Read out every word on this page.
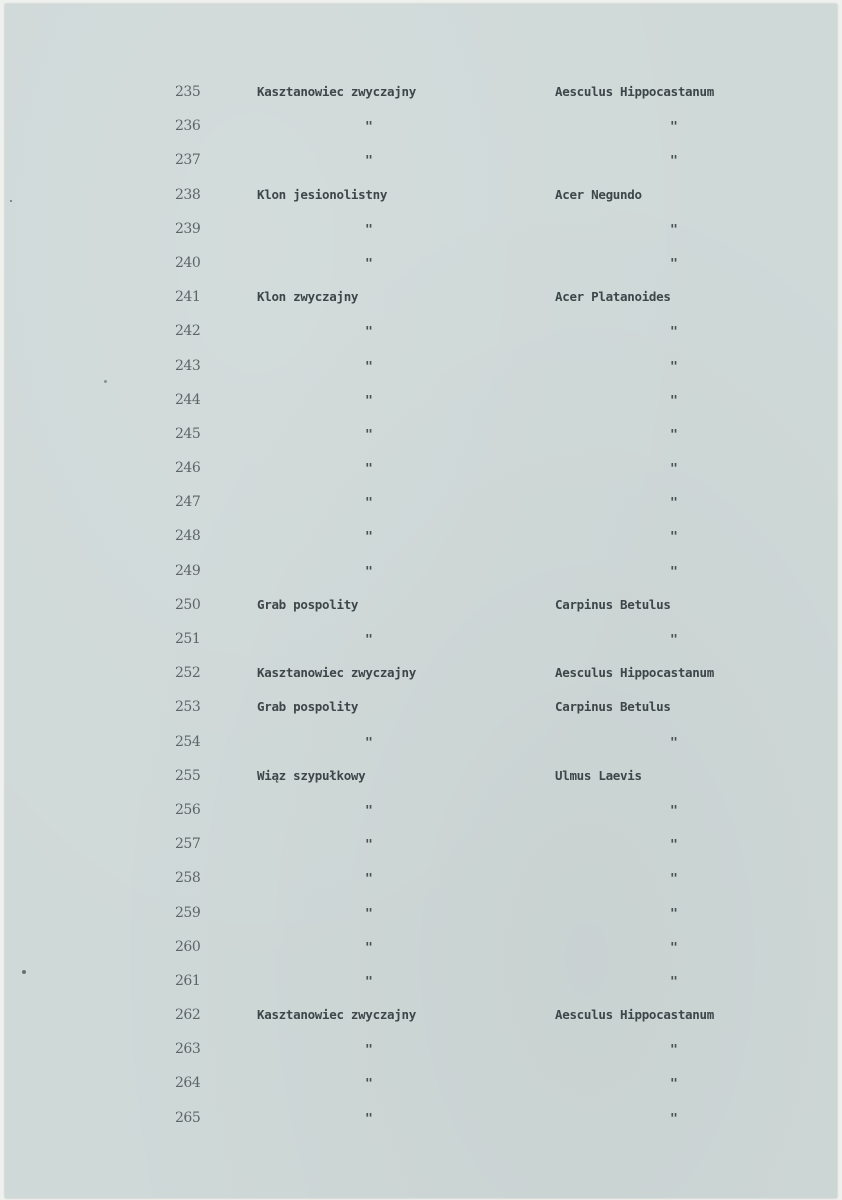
235	Kasztanowiec zwyczajny	Aesculus Hippocastanum
236	"	"
237	"	"
238	Klon jesionolistny	Acer Negundo
239	"	"
240	"	"
241	Klon zwyczajny	Acer Platanoides
242	"	"
243	"	"
244	"	"
245	"	"
246	"	"
247	"	"
248	"	"
249	"	"
250	Grab pospolity	Carpinus Betulus
251	"	"
252	Kasztanowiec zwyczajny	Aesculus Hippocastanum
253	Grab pospolity	Carpinus Betulus
254	"	"
255	Wiąz szypułkowy	Ulmus Laevis
256	"	"
257	"	"
258	"	"
259	"	"
260	"	"
261	"	"
262	Kasztanowiec zwyczajny	Aesculus Hippocastanum
263	"	"
264	"	"
265	"	"
